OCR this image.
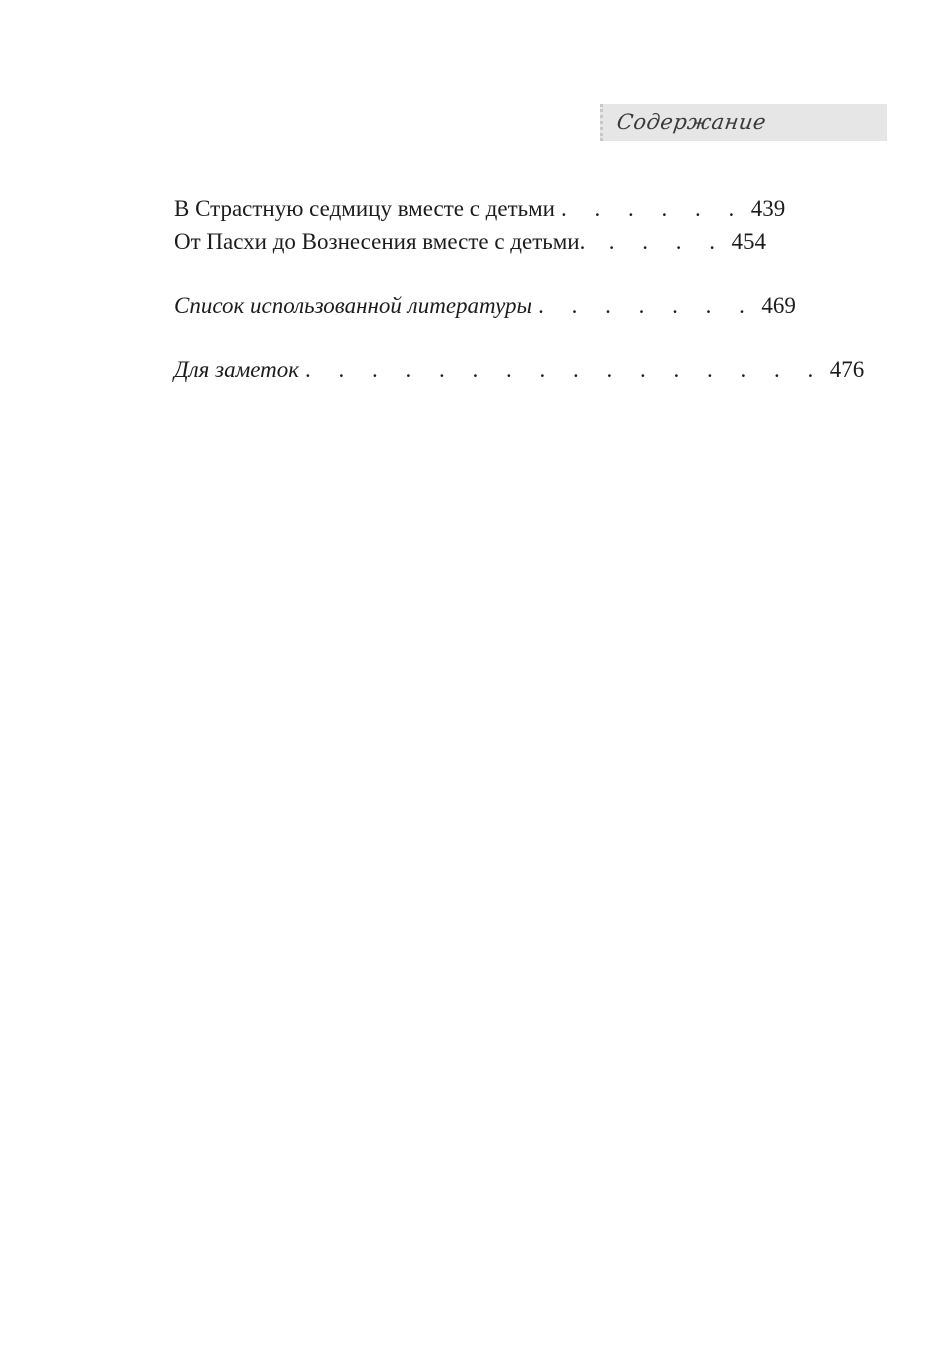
Содержание
В Страстную седмицу вместе с детьми . . . . . . 439
От Пасхи до Вознесения вместе с детьми.	. . . . 454
Список использованной литературы . . . . . . . 469
Для заметок . . . . . . . . . . . . . . . . 476
